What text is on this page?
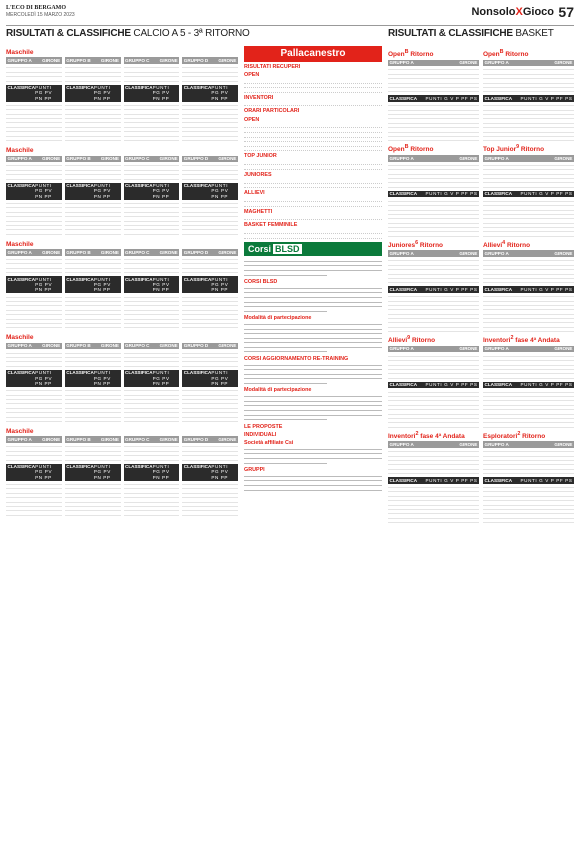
L'ECO DI BERGAMO
MERCOLEDÌ 15 MARZO 2023	NonsoloXGioco 57
RISULTATI & CLASSIFICHE CALCIO A 5 - 3ª RITORNO	RISULTATI & CLASSIFICHE BASKET
Maschile
GRUPPO A GIRONE GRUPPO B GIRONE GRUPPO C GIRONE GRUPPO D GIRONE
CLASSIFICA PUNTI PG PV PN PP
CLASSIFICA PUNTI PG PV PN PP
CLASSIFICA PUNTI PG PV PN PP
CLASSIFICA PUNTI PG PV PN PP
Maschile
GRUPPO A GIRONE GRUPPO B GIRONE GRUPPO C GIRONE GRUPPO D GIRONE
CLASSIFICA PUNTI PG PV PN PP
CLASSIFICA PUNTI PG PV PN PP
CLASSIFICA PUNTI PG PV PN PP
CLASSIFICA PUNTI PG PV PN PP
Maschile
GRUPPO A GIRONE GRUPPO B GIRONE GRUPPO C GIRONE GRUPPO D GIRONE
CLASSIFICA PUNTI PG PV PN PP
CLASSIFICA PUNTI PG PV PN PP
CLASSIFICA PUNTI PG PV PN PP
CLASSIFICA PUNTI PG PV PN PP
Maschile
GRUPPO A GIRONE GRUPPO B GIRONE GRUPPO C GIRONE GRUPPO D GIRONE
CLASSIFICA PUNTI PG PV PN PP
CLASSIFICA PUNTI PG PV PN PP
CLASSIFICA PUNTI PG PV PN PP
CLASSIFICA PUNTI PG PV PN PP
Maschile
GRUPPO A GIRONE GRUPPO B GIRONE GRUPPO C GIRONE GRUPPO D GIRONE
CLASSIFICA PUNTI PG PV PN PP
CLASSIFICA PUNTI PG PV PN PP
CLASSIFICA PUNTI PG PV PN PP
CLASSIFICA PUNTI PG PV PN PP
Pallacanestro
RISULTATI RECUPERI
OPEN
INVENTORI
ORARI PARTICOLARI
OPEN
TOP JUNIOR
JUNIORES
ALLIEVI
MAGHETTI
BASKET FEMMINILE
Corsi BLSD
CORSI BLSD
Modalità di partecipazione
CORSI AGGIORNAMENTO RE-TRAINING
Modalità di partecipazione
LE PROPOSTE
INDIVIDUALI
Società affiliate Csi
GRUPPI
Open$^B$ Ritorno
GRUPPO A	GIRONE
CLASSIFICA PUNTI G V P PF PS
Open$^B$ Ritorno
GRUPPO A	GIRONE
CLASSIFICA PUNTI G V P PF PS
Juniores$^6$ Ritorno
GRUPPO A	GIRONE
CLASSIFICA PUNTI G V P PF PS
Allievi$^9$ Ritorno
GRUPPO A	GIRONE
CLASSIFICA PUNTI G V P PF PS
Inventori$^2$ fase 4ª Andata
GRUPPO A	GIRONE
CLASSIFICA PUNTI G V P PF PS
Open$^B$ Ritorno
GRUPPO A	GIRONE
CLASSIFICA PUNTI G V P PF PS
Top Junior$^9$ Ritorno
GRUPPO A	GIRONE
CLASSIFICA PUNTI G V P PF PS
Allievi$^4$ Ritorno
GRUPPO A	GIRONE
CLASSIFICA PUNTI G V P PF PS
Inventori$^2$ fase 4ª Andata
GRUPPO A	GIRONE
CLASSIFICA PUNTI G V P PF PS
Esploratori$^2$ Ritorno
GRUPPO A	GIRONE
CLASSIFICA PUNTI G V P PF PS
